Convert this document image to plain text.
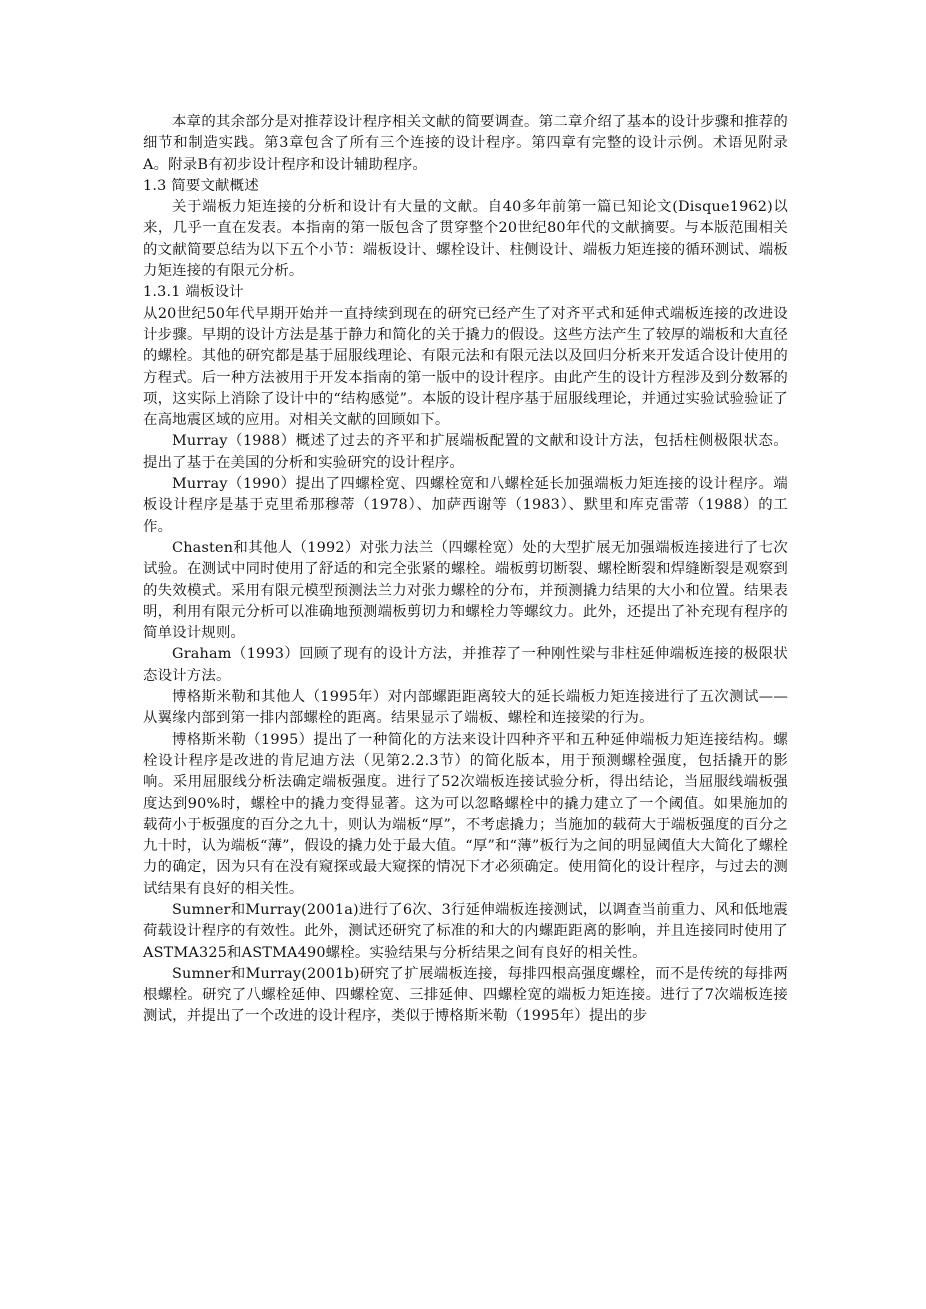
本章的其余部分是对推荐设计程序相关文献的简要调查。第二章介绍了基本的设计步骤和推荐的细节和制造实践。第3章包含了所有三个连接的设计程序。第四章有完整的设计示例。术语见附录A。附录B有初步设计程序和设计辅助程序。

1.3 简要文献概述

关于端板力矩连接的分析和设计有大量的文献。自40多年前第一篇已知论文(Disque1962)以来，几乎一直在发表。本指南的第一版包含了贯穿整个20世纪80年代的文献摘要。与本版范围相关的文献简要总结为以下五个小节：端板设计、螺栓设计、柱侧设计、端板力矩连接的循环测试、端板力矩连接的有限元分析。

1.3.1 端板设计

从20世纪50年代早期开始并一直持续到现在的研究已经产生了对齐平式和延伸式端板连接的改进设计步骤。早期的设计方法是基于静力和简化的关于撬力的假设。这些方法产生了较厚的端板和大直径的螺栓。其他的研究都是基于屈服线理论、有限元法和有限元法以及回归分析来开发适合设计使用的方程式。后一种方法被用于开发本指南的第一版中的设计程序。由此产生的设计方程涉及到分数幂的项，这实际上消除了设计中的“结构感觉”。本版的设计程序基于屈服线理论，并通过实验试验验证了在高地震区域的应用。对相关文献的回顾如下。

Murray（1988）概述了过去的齐平和扩展端板配置的文献和设计方法，包括柱侧极限状态。提出了基于在美国的分析和实验研究的设计程序。

Murray（1990）提出了四螺栓宽、四螺栓宽和八螺栓延长加强端板力矩连接的设计程序。端板设计程序是基于克里希那穆蒂（1978）、加萨西谢等（1983）、默里和库克雷蒂（1988）的工作。

Chasten和其他人（1992）对张力法兰（四螺栓宽）处的大型扩展无加强端板连接进行了七次试验。在测试中同时使用了舒适的和完全张紧的螺栓。端板剪切断裂、螺栓断裂和焊缝断裂是观察到的失效模式。采用有限元模型预测法兰力对张力螺栓的分布，并预测撬力结果的大小和位置。结果表明，利用有限元分析可以准确地预测端板剪切力和螺栓力等螺纹力。此外，还提出了补充现有程序的简单设计规则。

Graham（1993）回顾了现有的设计方法，并推荐了一种刚性梁与非柱延伸端板连接的极限状态设计方法。

博格斯米勒和其他人（1995年）对内部螺距距离较大的延长端板力矩连接进行了五次测试——从翼缘内部到第一排内部螺栓的距离。结果显示了端板、螺栓和连接梁的行为。

博格斯米勒（1995）提出了一种简化的方法来设计四种齐平和五种延伸端板力矩连接结构。螺栓设计程序是改进的肯尼迪方法（见第2.2.3节）的简化版本，用于预测螺栓强度，包括撬开的影响。采用屈服线分析法确定端板强度。进行了52次端板连接试验分析，得出结论，当屈服线端板强度达到90%时，螺栓中的撬力变得显著。这为可以忽略螺栓中的撬力建立了一个阈值。如果施加的载荷小于板强度的百分之九十，则认为端板“厚”，不考虑撬力；当施加的载荷大于端板强度的百分之九十时，认为端板“薄”，假设的撬力处于最大值。“厚”和“薄”板行为之间的明显阈值大大简化了螺栓力的确定，因为只有在没有窥探或最大窥探的情况下才必须确定。使用简化的设计程序，与过去的测试结果有良好的相关性。

Sumner和Murray(2001a)进行了6次、3行延伸端板连接测试，以调查当前重力、风和低地震荷载设计程序的有效性。此外，测试还研究了标准的和大的内螺距距离的影响，并且连接同时使用了ASTMA325和ASTMA490螺栓。实验结果与分析结果之间有良好的相关性。

Sumner和Murray(2001b)研究了扩展端板连接，每排四根高强度螺栓，而不是传统的每排两根螺栓。研究了八螺栓延伸、四螺栓宽、三排延伸、四螺栓宽的端板力矩连接。进行了7次端板连接测试，并提出了一个改进的设计程序，类似于博格斯米勒（1995年）提出的步
